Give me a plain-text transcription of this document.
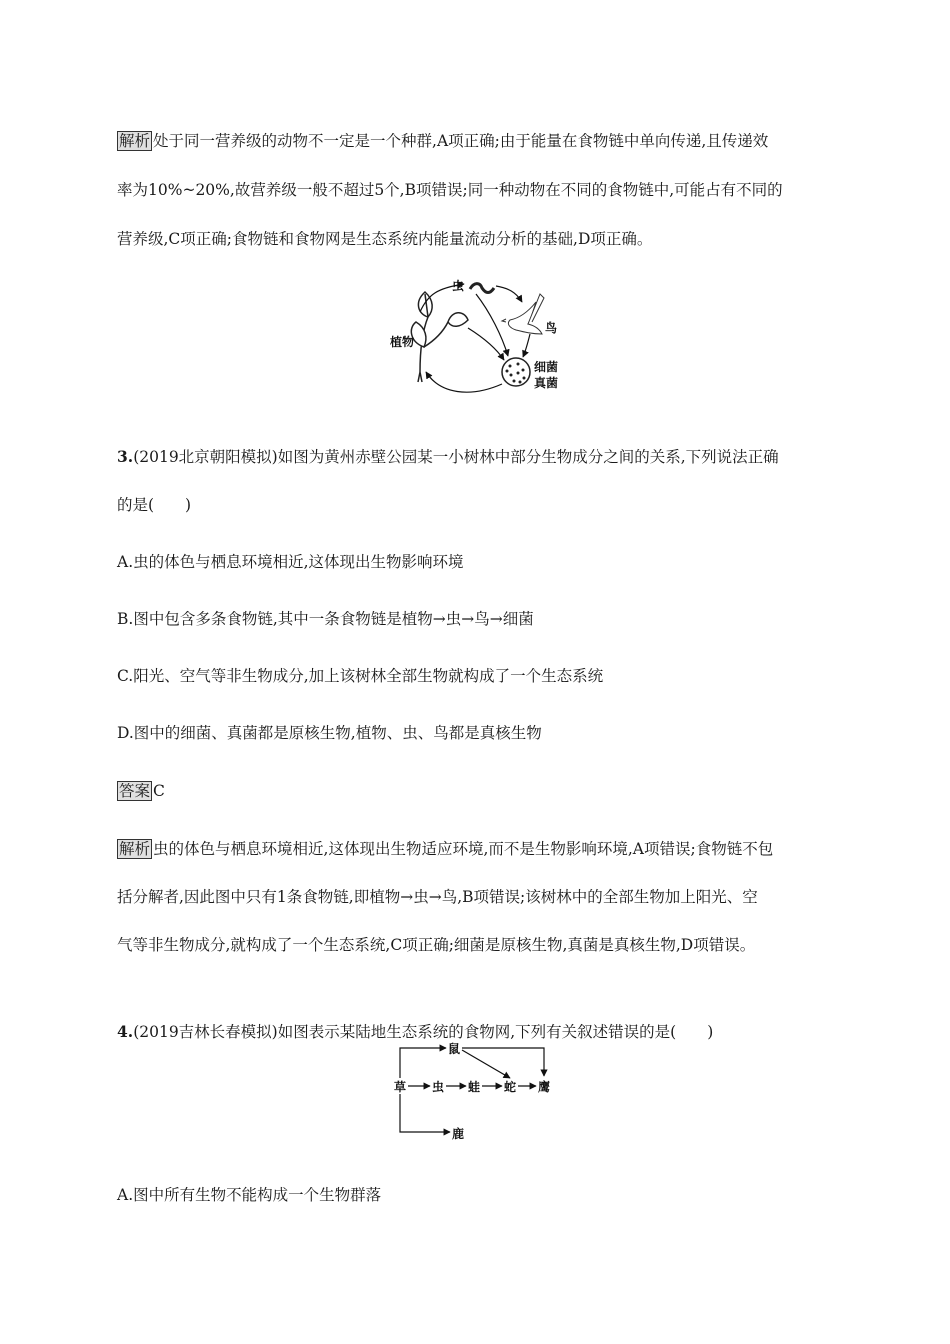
解析 处于同一营养级的动物不一定是一个种群,A项正确;由于能量在食物链中单向传递,且传递效
率为10%~20%,故营养级一般不超过5个,B项错误;同一种动物在不同的食物链中,可能占有不同的
营养级,C项正确;食物链和食物网是生态系统内能量流动分析的基础,D项正确。
植物
虫
鸟
细菌
真菌
3.(2019北京朝阳模拟)如图为黄州赤壁公园某一小树林中部分生物成分之间的关系,下列说法正确
的是(　　)
A.虫的体色与栖息环境相近,这体现出生物影响环境
B.图中包含多条食物链,其中一条食物链是植物→虫→鸟→细菌
C.阳光、空气等非生物成分,加上该树林全部生物就构成了一个生态系统
D.图中的细菌、真菌都是原核生物,植物、虫、鸟都是真核生物
答案 C
解析 虫的体色与栖息环境相近,这体现出生物适应环境,而不是生物影响环境,A项错误;食物链不包
括分解者,因此图中只有1条食物链,即植物→虫→鸟,B项错误;该树林中的全部生物加上阳光、空
气等非生物成分,就构成了一个生态系统,C项正确;细菌是原核生物,真菌是真核生物,D项错误。
4.(2019吉林长春模拟)如图表示某陆地生态系统的食物网,下列有关叙述错误的是(　　)
草 虫 蛙 蛇 鹰
鼠
鹿
A.图中所有生物不能构成一个生物群落
